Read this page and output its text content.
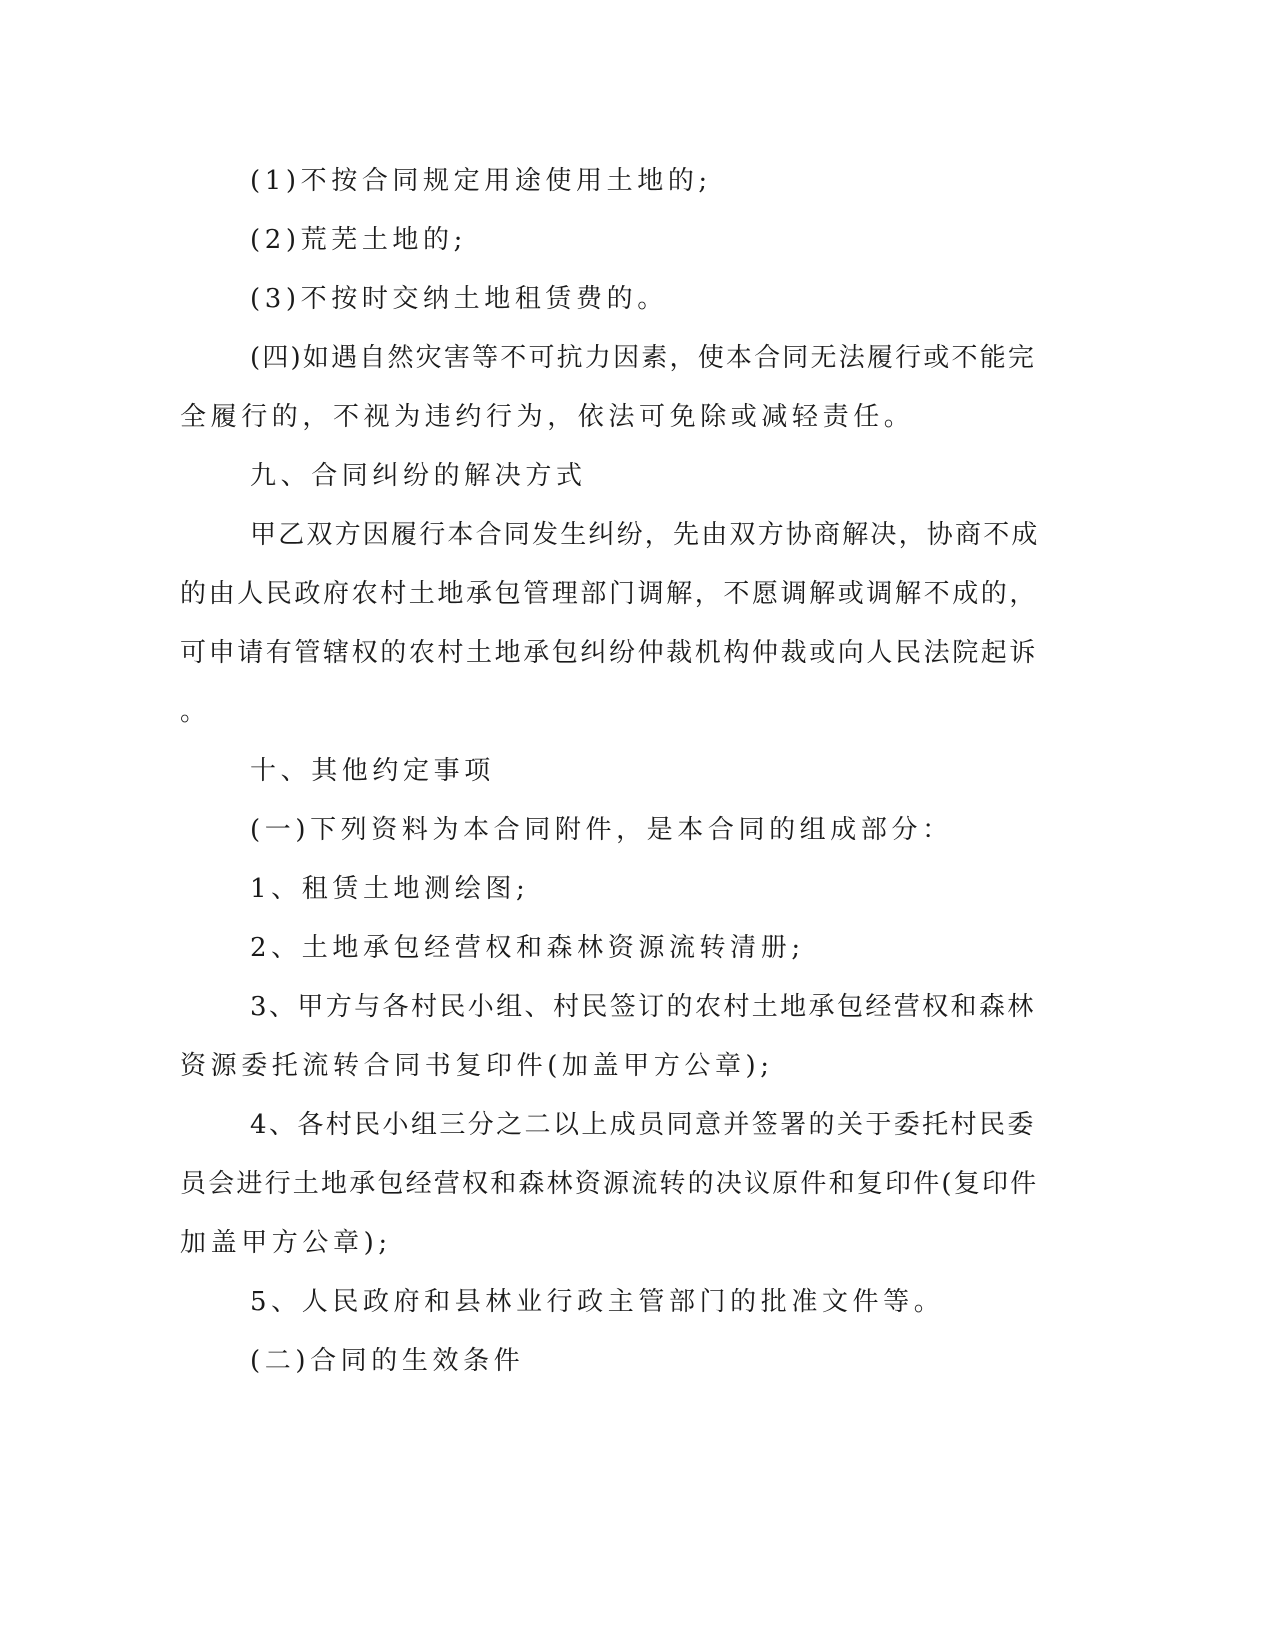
(1)不按合同规定用途使用土地的;
(2)荒芜土地的;
(3)不按时交纳土地租赁费的。
(四)如遇自然灾害等不可抗力因素，使本合同无法履行或不能完
全履行的，不视为违约行为，依法可免除或减轻责任。
九、合同纠纷的解决方式
甲乙双方因履行本合同发生纠纷，先由双方协商解决，协商不成
的由人民政府农村土地承包管理部门调解，不愿调解或调解不成的，
可申请有管辖权的农村土地承包纠纷仲裁机构仲裁或向人民法院起诉
。
十、其他约定事项
(一)下列资料为本合同附件，是本合同的组成部分：
1、租赁土地测绘图;
2、土地承包经营权和森林资源流转清册;
3、甲方与各村民小组、村民签订的农村土地承包经营权和森林
资源委托流转合同书复印件(加盖甲方公章);
4、各村民小组三分之二以上成员同意并签署的关于委托村民委
员会进行土地承包经营权和森林资源流转的决议原件和复印件(复印件
加盖甲方公章);
5、人民政府和县林业行政主管部门的批准文件等。
(二)合同的生效条件
